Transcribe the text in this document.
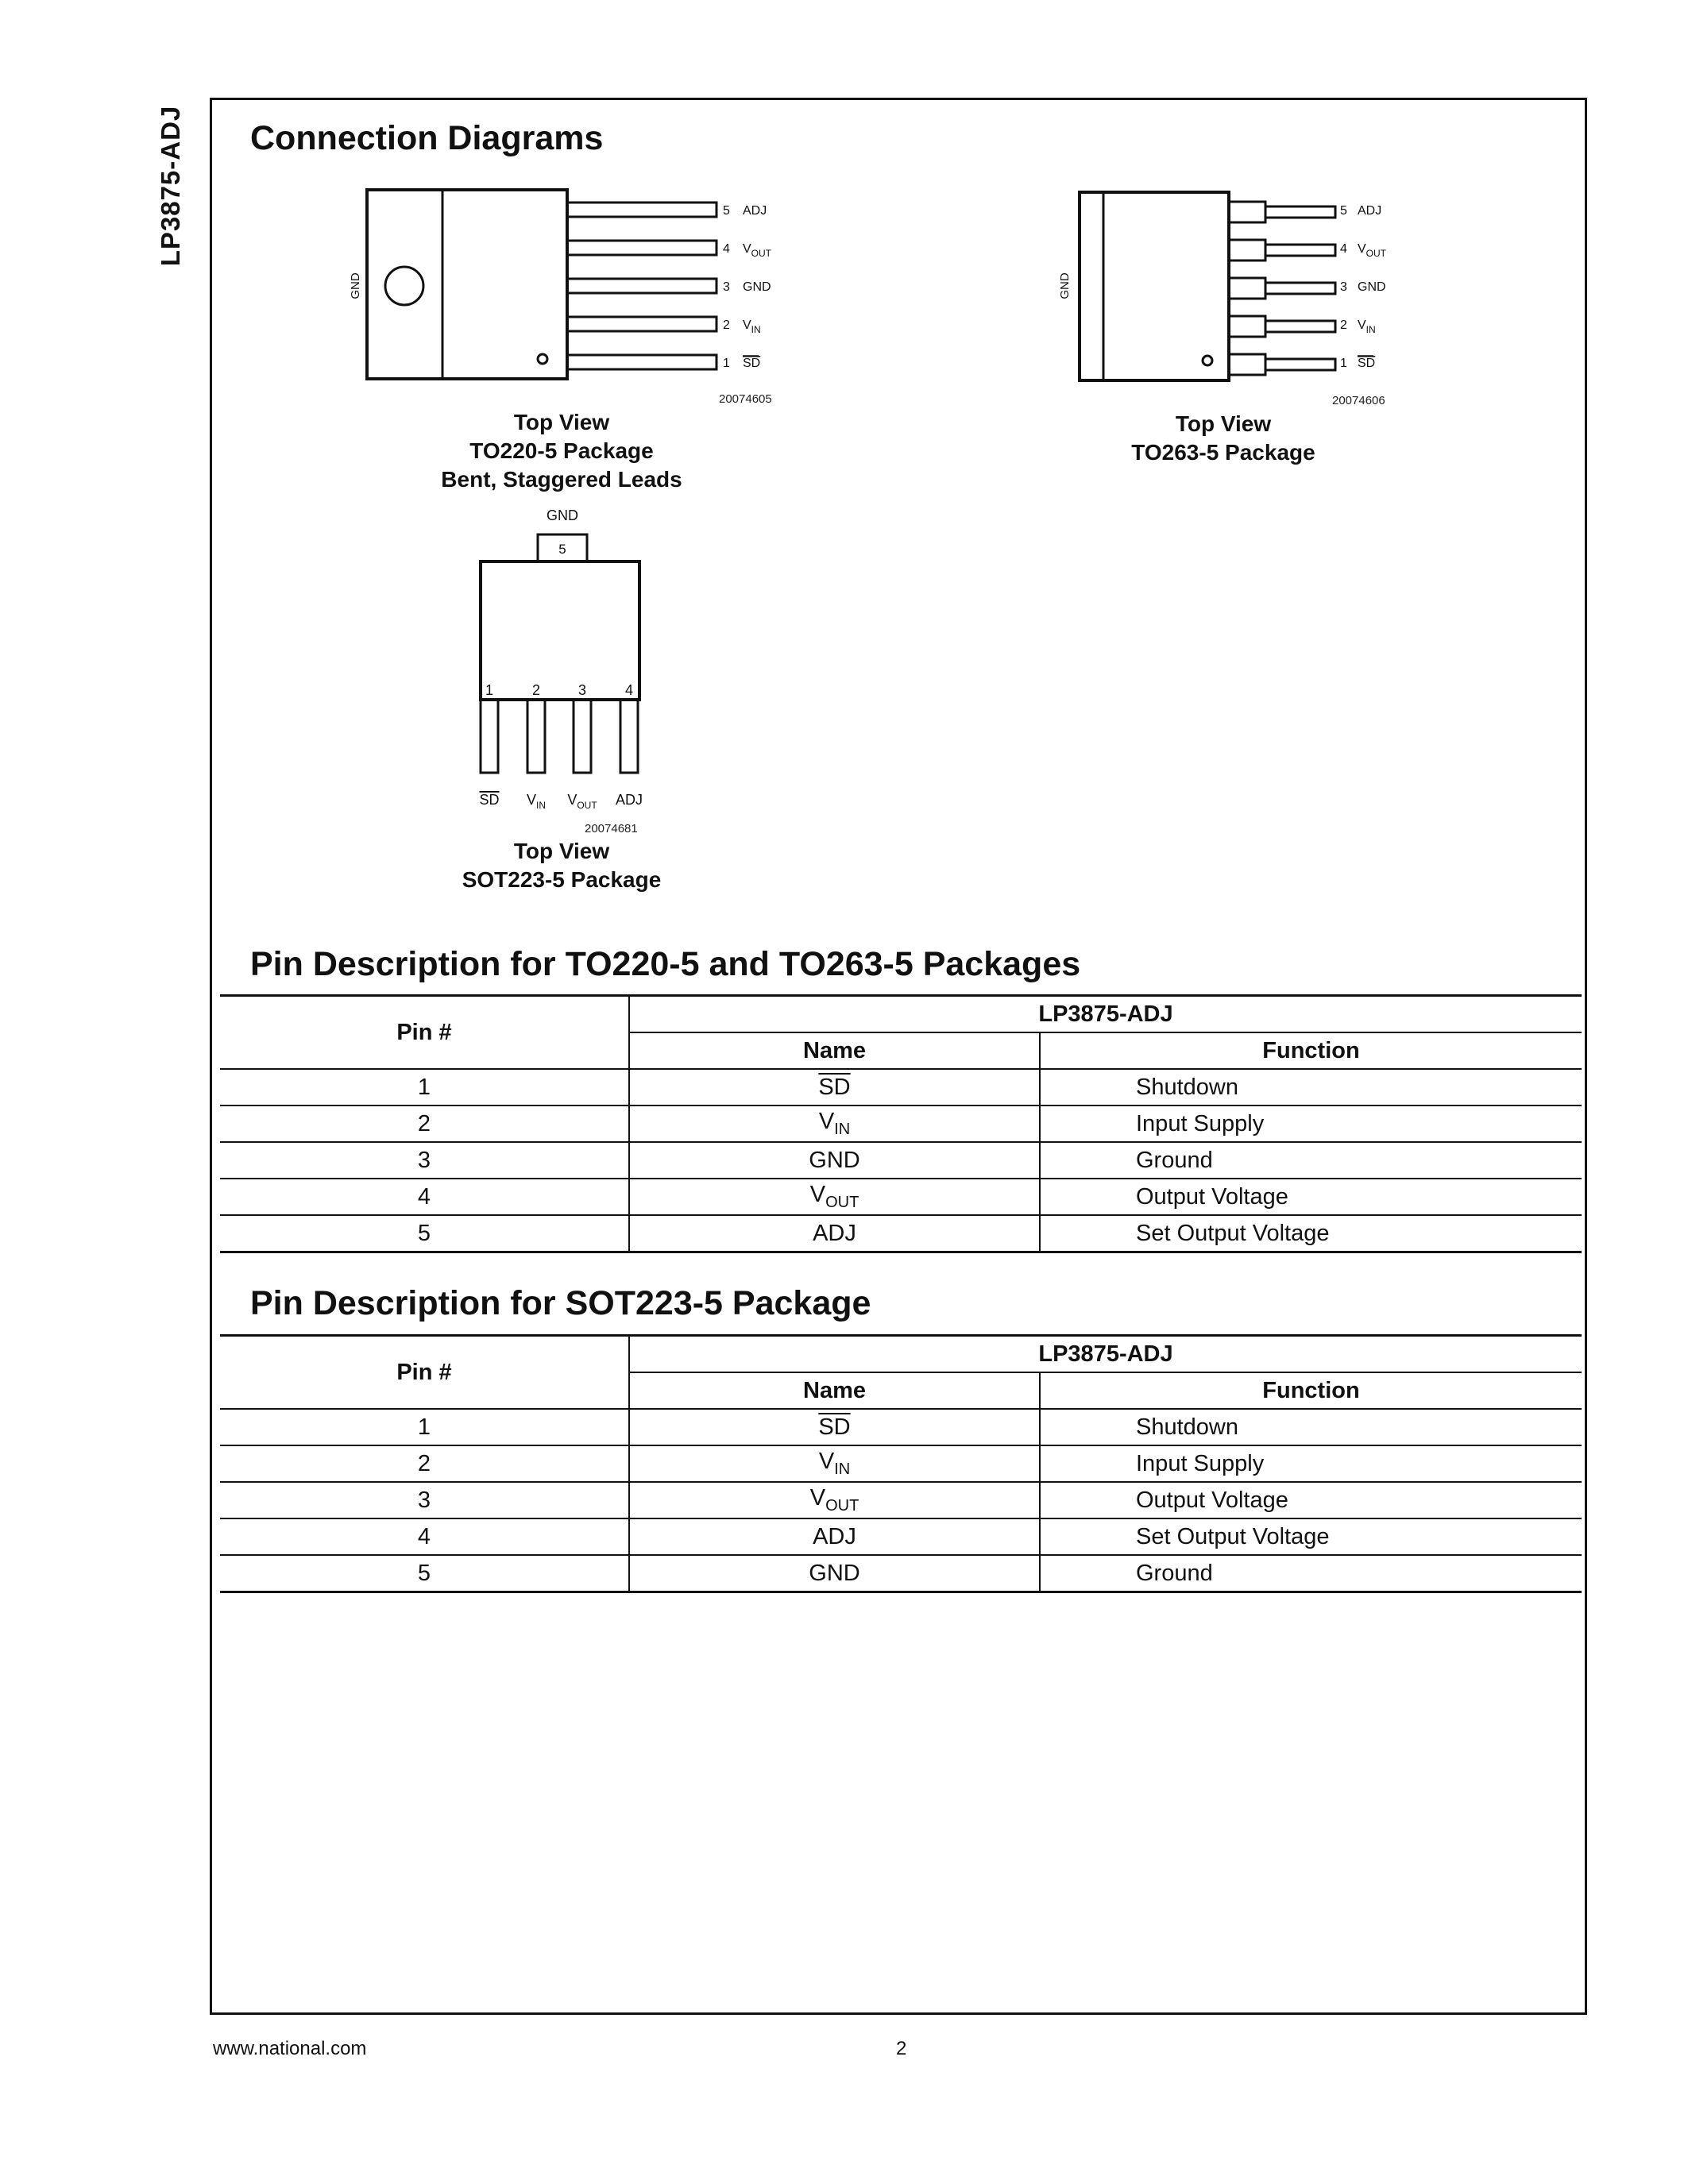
LP3875-ADJ Connection Diagrams
5 ADJ
4 $V_{OUT}$
3 GND
2 $V_{IN}$
1 SD
GND
20074605
Top View
TO220-5 Package
Bent, Staggered Leads
5 ADJ
4 $V_{OUT}$
3 GND
2 $V_{IN}$
1 SD
GND
20074606
Top View
TO263-5 Package
GND
5
1	2	3	4
SD $V_{IN}$ $V_{OUT}$ ADJ
20074681
Top View
SOT223-5 Package
Pin Description for TO220-5 and TO263-5 Packages
Pin #	LP3875-ADJ	
	Name	Function
1	$\overline{SD}$	Shutdown
2	$V_{IN}$	Input Supply
3	GND	Ground
4	$V_{OUT}$	Output Voltage
5	ADJ	Set Output Voltage
Pin Description for SOT223-5 Package
Pin #	LP3875-ADJ	
	Name	Function
1	$\overline{SD}$	Shutdown
2	$V_{IN}$	Input Supply
3	$V_{OUT}$	Output Voltage
4	ADJ	Set Output Voltage
5	GND	Ground
www.national.com	2
